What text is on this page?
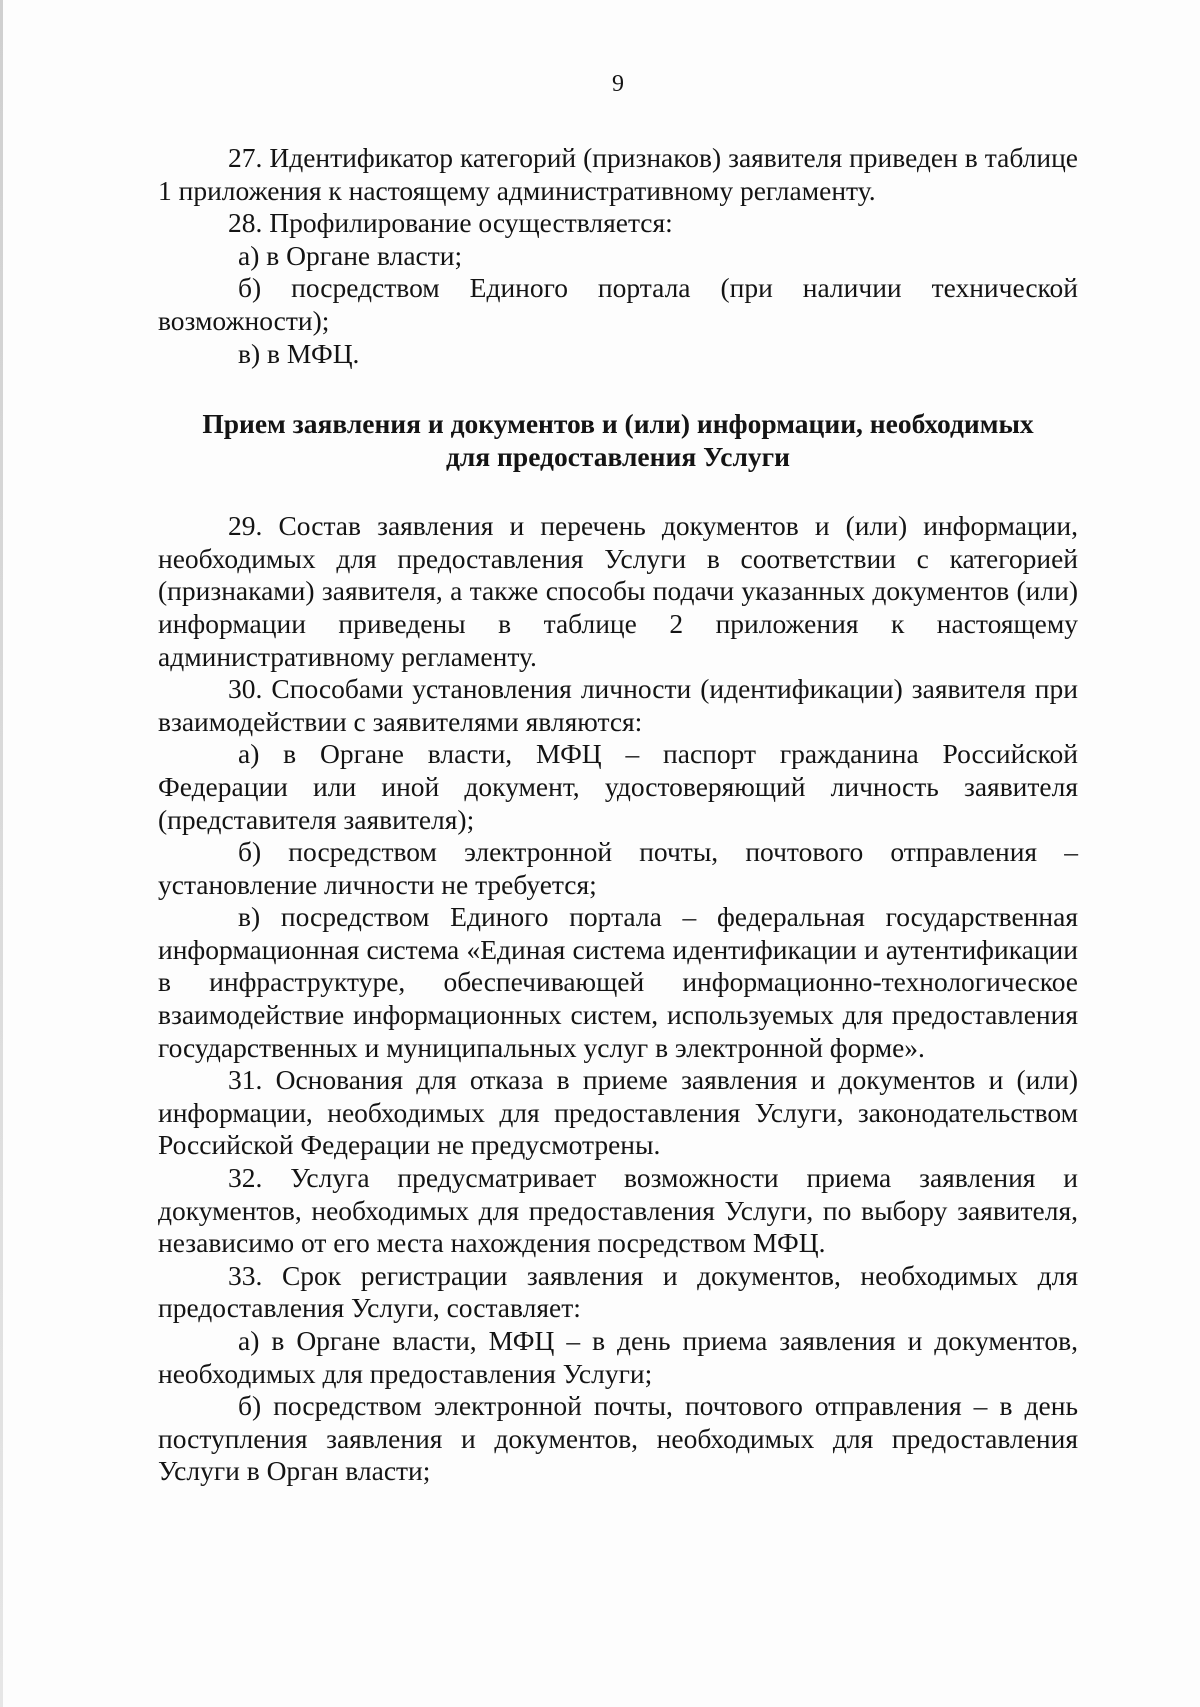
9

27. Идентификатор категорий (признаков) заявителя приведен в таблице 1 приложения к настоящему административному регламенту.

28. Профилирование осуществляется:

а) в Органе власти;

б) посредством Единого портала (при наличии технической возможности);

в) в МФЦ.

Прием заявления и документов и (или) информации, необходимых
для предоставления Услуги

29. Состав заявления и перечень документов и (или) информации, необходимых для предоставления Услуги в соответствии с категорией (признаками) заявителя, а также способы подачи указанных документов (или) информации приведены в таблице 2 приложения к настоящему административному регламенту.

30. Способами установления личности (идентификации) заявителя при взаимодействии с заявителями являются:

а) в Органе власти, МФЦ – паспорт гражданина Российской Федерации или иной документ, удостоверяющий личность заявителя (представителя заявителя);

б) посредством электронной почты, почтового отправления – установление личности не требуется;

в) посредством Единого портала – федеральная государственная информационная система «Единая система идентификации и аутентификации в инфраструктуре, обеспечивающей информационно-технологическое взаимодействие информационных систем, используемых для предоставления государственных и муниципальных услуг в электронной форме».

31. Основания для отказа в приеме заявления и документов и (или) информации, необходимых для предоставления Услуги, законодательством Российской Федерации не предусмотрены.

32. Услуга предусматривает возможности приема заявления и документов, необходимых для предоставления Услуги, по выбору заявителя, независимо от его места нахождения посредством МФЦ.

33. Срок регистрации заявления и документов, необходимых для предоставления Услуги, составляет:

а) в Органе власти, МФЦ – в день приема заявления и документов, необходимых для предоставления Услуги;

б) посредством электронной почты, почтового отправления – в день поступления заявления и документов, необходимых для предоставления Услуги в Орган власти;
